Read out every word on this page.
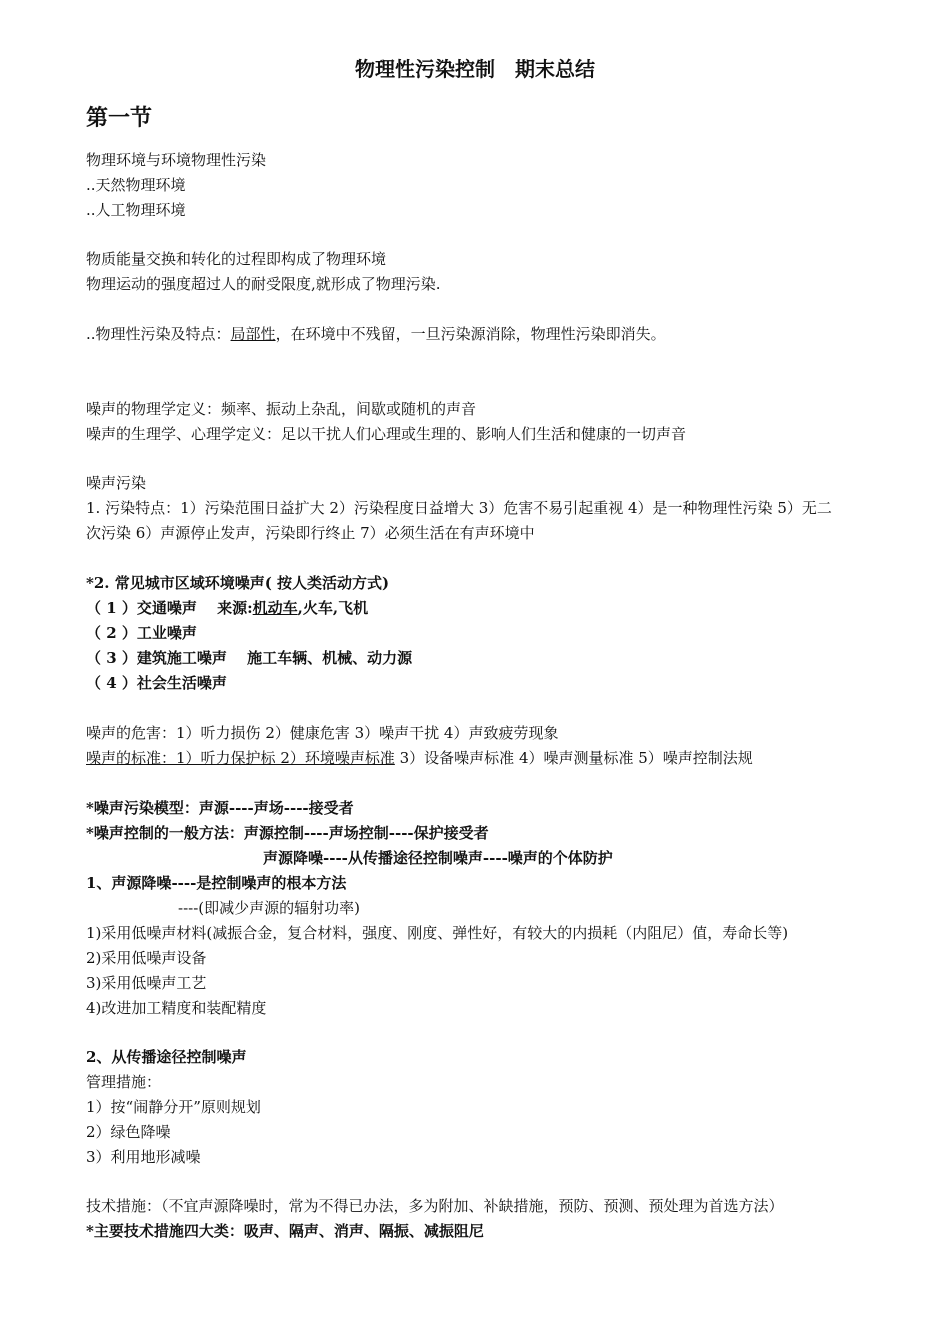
物理性污染控制　期末总结
第一节
物理环境与环境物理性污染
..天然物理环境
..人工物理环境
物质能量交换和转化的过程即构成了物理环境
物理运动的强度超过人的耐受限度,就形成了物理污染.
..物理性污染及特点：局部性，在环境中不残留，一旦污染源消除，物理性污染即消失。
噪声的物理学定义：频率、振动上杂乱，间歇或随机的声音
噪声的生理学、心理学定义：足以干扰人们心理或生理的、影响人们生活和健康的一切声音
噪声污染
1. 污染特点：1）污染范围日益扩大 2）污染程度日益增大 3）危害不易引起重视 4）是一种物理性污染 5）无二
次污染 6）声源停止发声，污染即行终止 7）必须生活在有声环境中
*2. 常见城市区域环境噪声( 按人类活动方式)
（ 1 ）交通噪声　 来源:机动车,火车,飞机
（ 2 ）工业噪声
（ 3 ）建筑施工噪声　 施工车辆、机械、动力源
（ 4 ）社会生活噪声
噪声的危害：1）听力损伤 2）健康危害 3）噪声干扰 4）声致疲劳现象
噪声的标准：1）听力保护标 2）环境噪声标准 3）设备噪声标准 4）噪声测量标准 5）噪声控制法规
*噪声污染模型：声源----声场----接受者
*噪声控制的一般方法：声源控制----声场控制----保护接受者
声源降噪----从传播途径控制噪声----噪声的个体防护
1、声源降噪----是控制噪声的根本方法
----(即减少声源的辐射功率)
1)采用低噪声材料(减振合金，复合材料，强度、刚度、弹性好，有较大的内损耗（内阻尼）值，寿命长等)
2)采用低噪声设备
3)采用低噪声工艺
4)改进加工精度和装配精度
2、从传播途径控制噪声
管理措施：
1）按“闹静分开”原则规划
2）绿色降噪
3）利用地形减噪
技术措施：（不宜声源降噪时，常为不得已办法，多为附加、补缺措施，预防、预测、预处理为首选方法）
*主要技术措施四大类：吸声、隔声、消声、隔振、减振阻尼
